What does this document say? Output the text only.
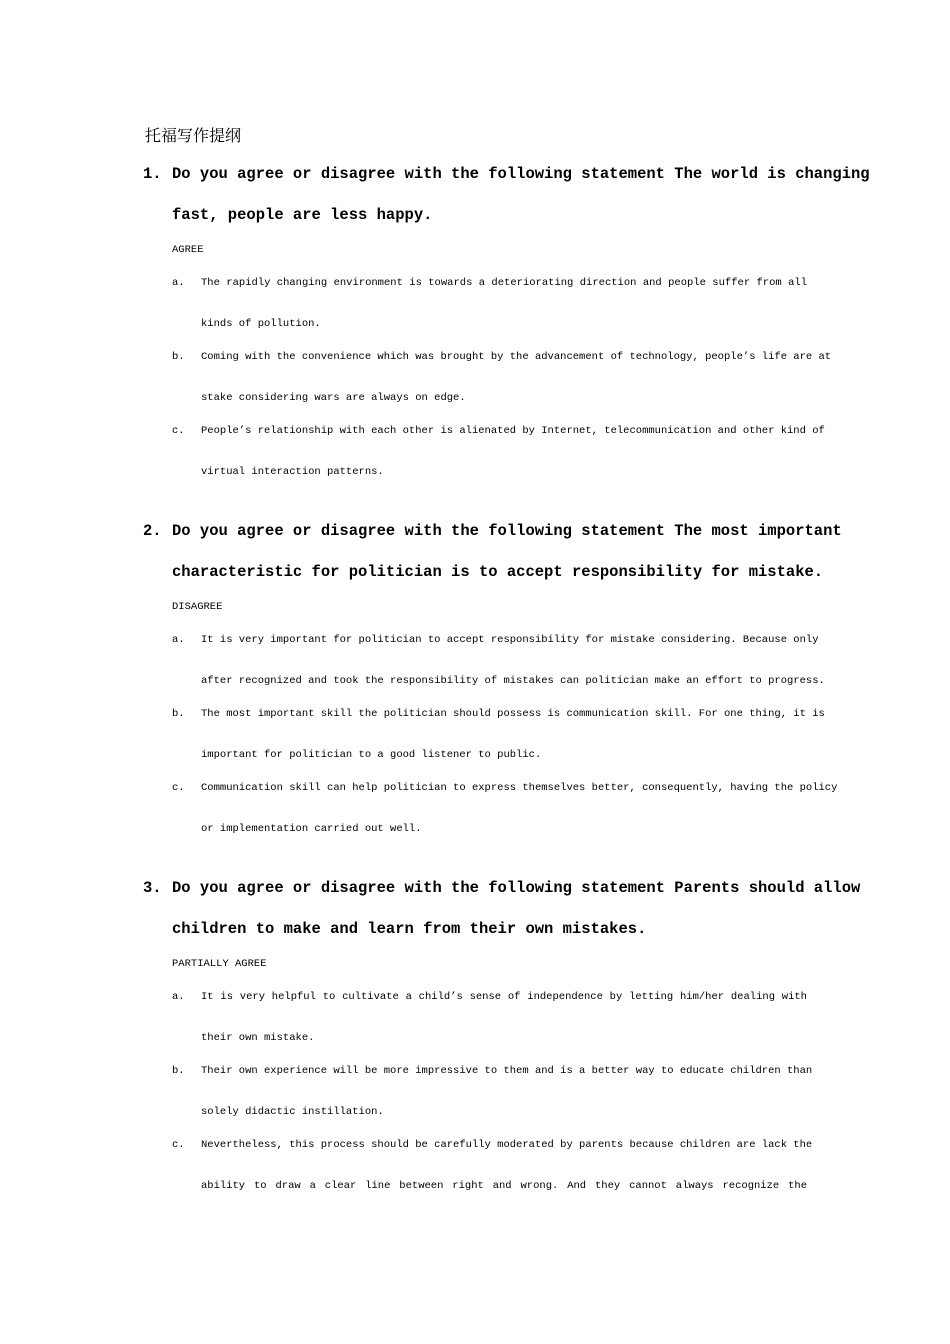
托福写作提纲
1. Do you agree or disagree with the following statement The world is changing
fast, people are less happy.
AGREE
a. The rapidly changing environment is towards a deteriorating direction and people suffer from all
kinds of pollution.
b. Coming with the convenience which was brought by the advancement of technology, people’s life are at
stake considering wars are always on edge.
c. People’s relationship with each other is alienated by Internet, telecommunication and other kind of
virtual interaction patterns.
2. Do you agree or disagree with the following statement The most important
characteristic for politician is to accept responsibility for mistake.
DISAGREE
a. It is very important for politician to accept responsibility for mistake considering. Because only
after recognized and took the responsibility of mistakes can politician make an effort to progress.
b. The most important skill the politician should possess is communication skill. For one thing, it is
important for politician to a good listener to public.
c. Communication skill can help politician to express themselves better, consequently, having the policy
or implementation carried out well.
3. Do you agree or disagree with the following statement Parents should allow
children to make and learn from their own mistakes.
PARTIALLY AGREE
a. It is very helpful to cultivate a child’s sense of independence by letting him/her dealing with
their own mistake.
b. Their own experience will be more impressive to them and is a better way to educate children than
solely didactic instillation.
c. Nevertheless, this process should be carefully moderated by parents because children are lack the
ability to draw a clear line between right and wrong. And they cannot always recognize the
